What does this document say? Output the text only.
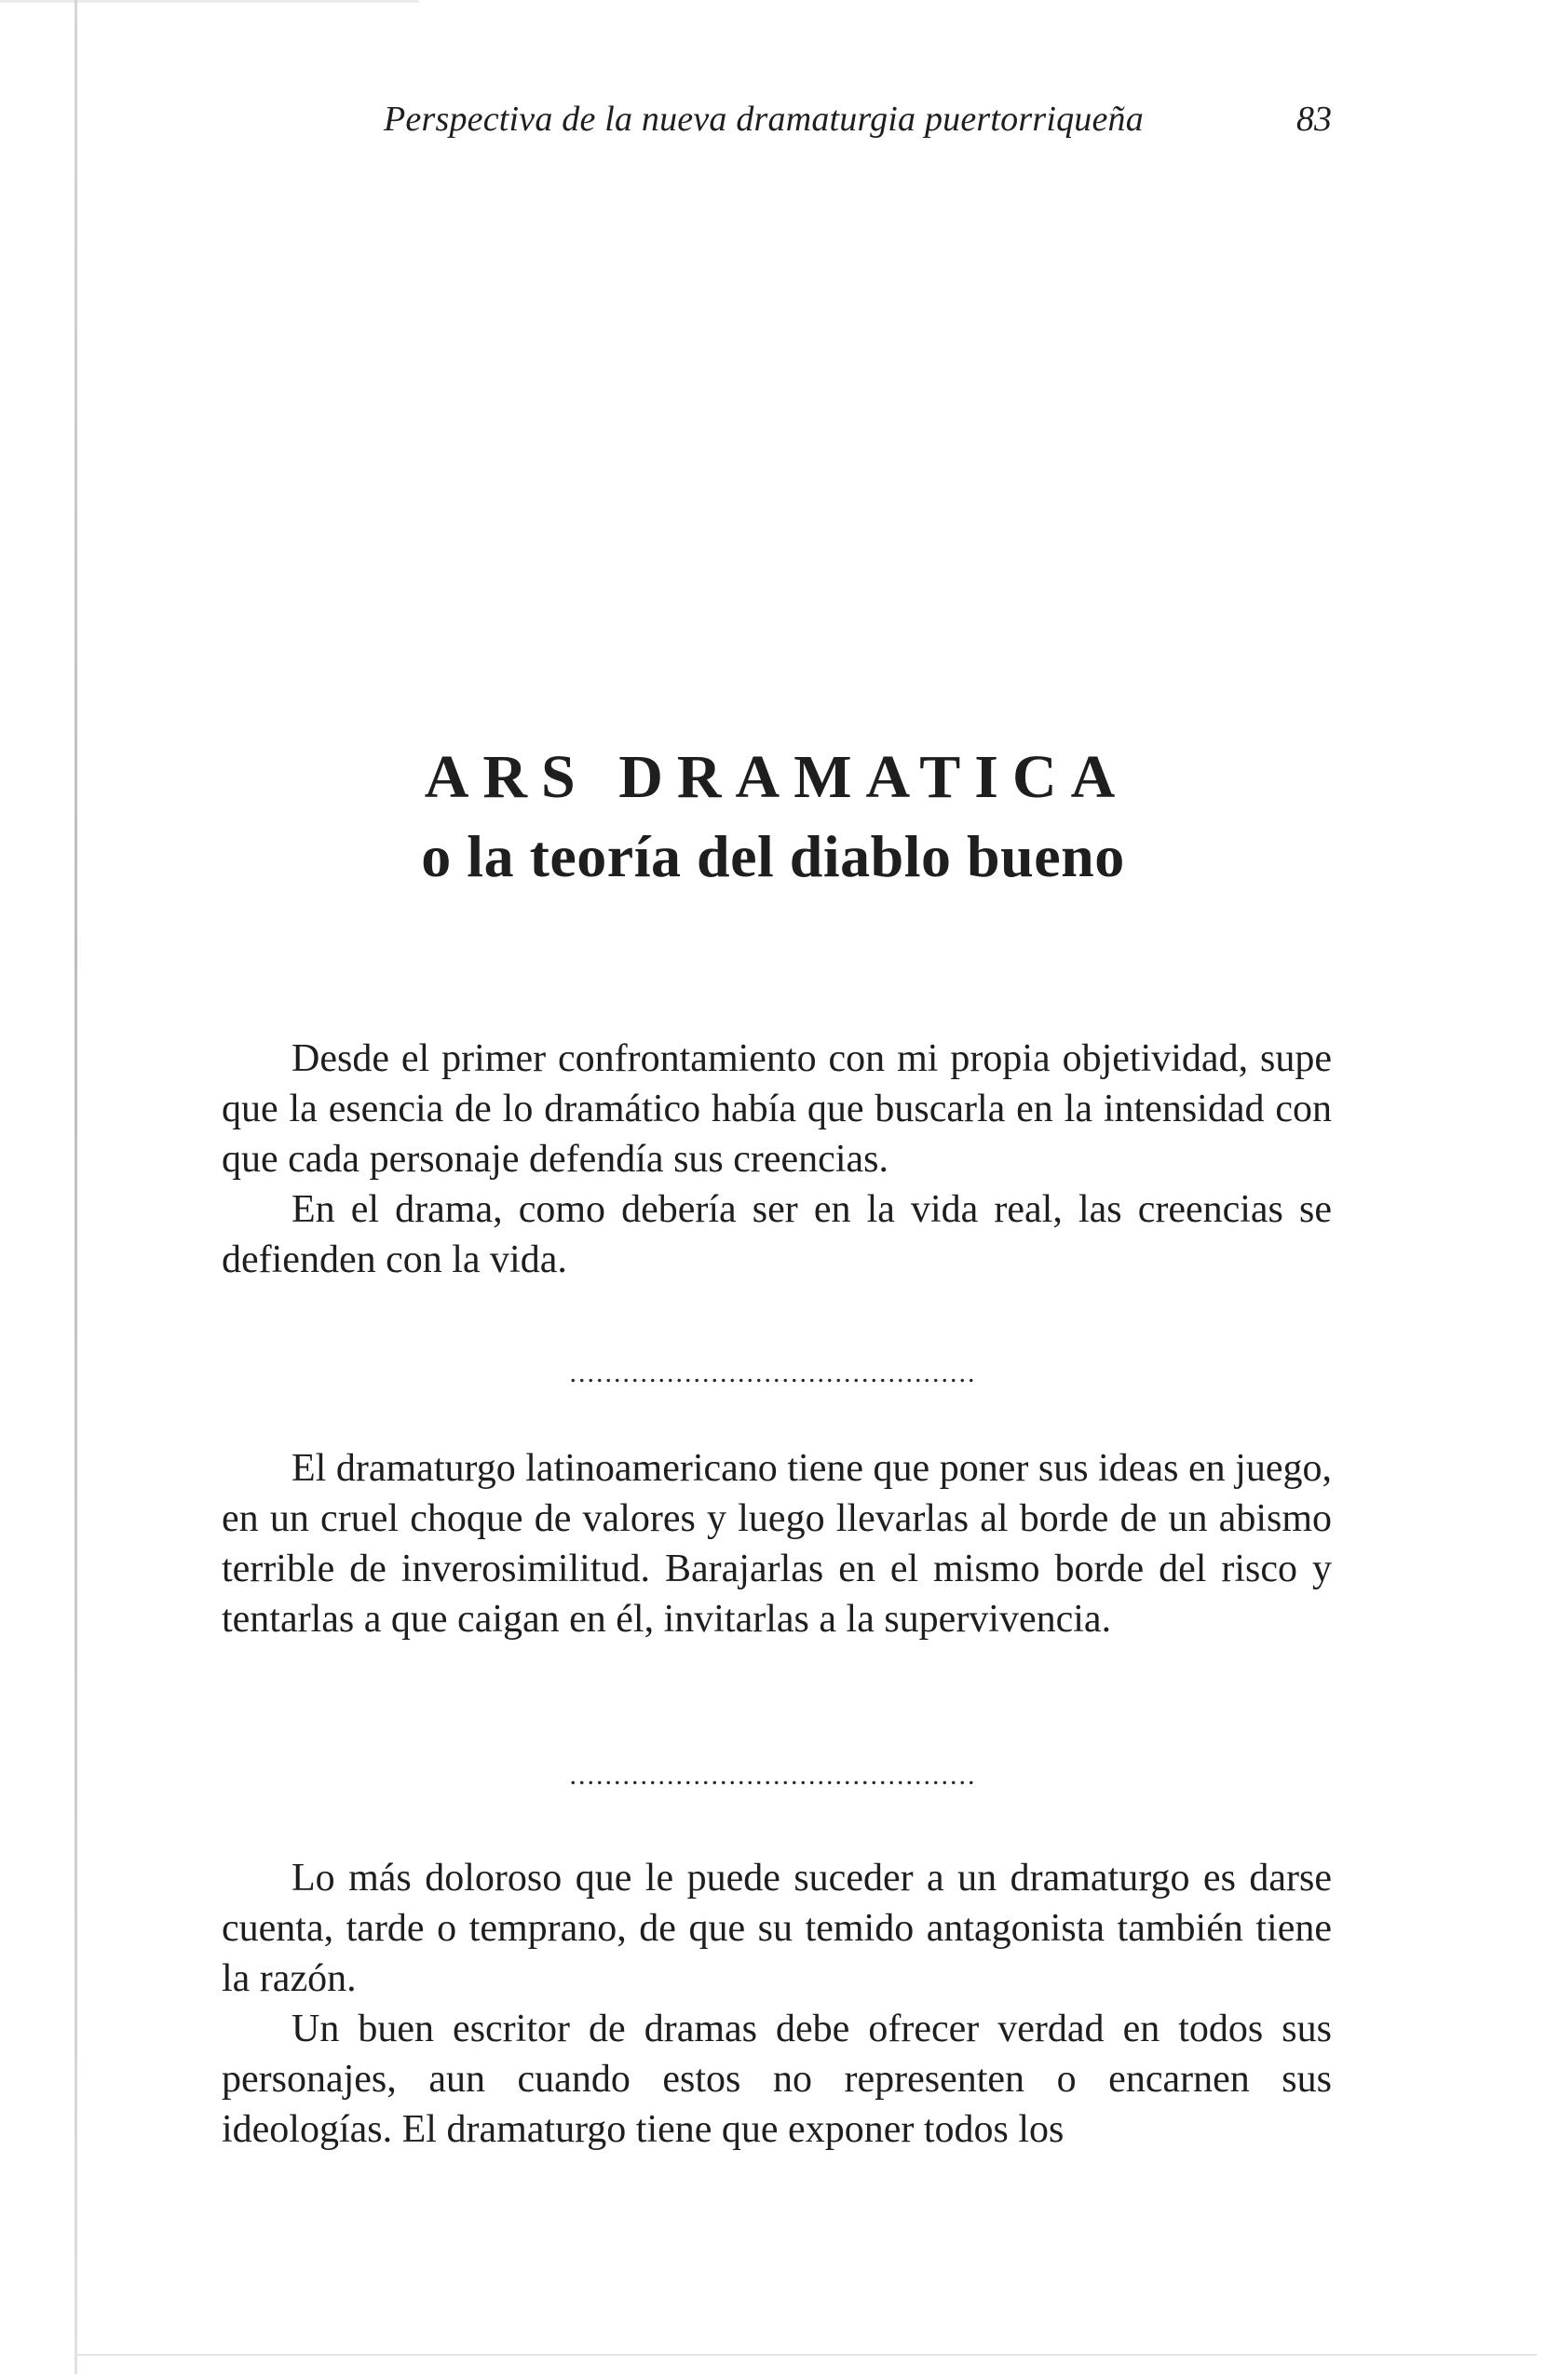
Perspectiva de la nueva dramaturgia puertorriqueña	83
ARS DRAMATICA
o la teoría del diablo bueno

Desde el primer confrontamiento con mi propia objetividad, supe que la esencia de lo dramático había que buscarla en la intensidad con que cada personaje defendía sus creencias.

En el drama, como debería ser en la vida real, las creencias se defienden con la vida.

..............................................

El dramaturgo latinoamericano tiene que poner sus ideas en juego, en un cruel choque de valores y luego llevarlas al borde de un abismo terrible de inverosimilitud. Barajarlas en el mismo borde del risco y tentarlas a que caigan en él, invitarlas a la supervivencia.

..............................................

Lo más doloroso que le puede suceder a un dramaturgo es darse cuenta, tarde o temprano, de que su temido antagonista también tiene la razón.

Un buen escritor de dramas debe ofrecer verdad en todos sus personajes, aun cuando estos no representen o encarnen sus ideologías. El dramaturgo tiene que exponer todos los
